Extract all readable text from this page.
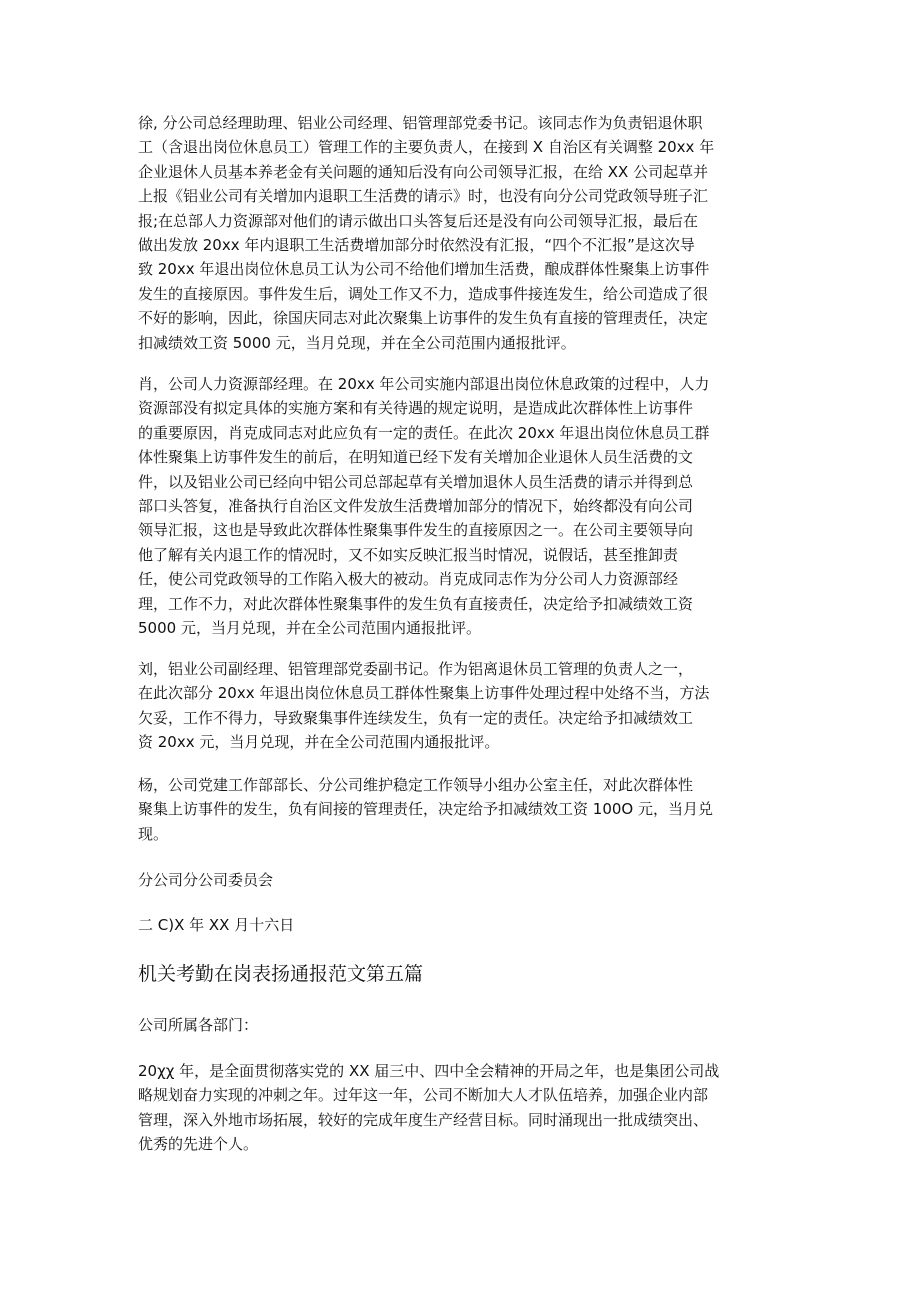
徐, 分公司总经理助理、铝业公司经理、铝管理部党委书记。该同志作为负责铝退休职
工（含退出岗位休息员工）管理工作的主要负责人，在接到 X 自治区有关调整 20xx 年
企业退休人员基本养老金有关问题的通知后没有向公司领导汇报，在给 XX 公司起草并
上报《铝业公司有关增加内退职工生活费的请示》时，也没有向分公司党政领导班子汇
报;在总部人力资源部对他们的请示做出口头答复后还是没有向公司领导汇报，最后在
做出发放 20xx 年内退职工生活费增加部分时依然没有汇报，“四个不汇报”是这次导
致 20xx 年退出岗位休息员工认为公司不给他们增加生活费，酿成群体性聚集上访事件
发生的直接原因。事件发生后，调处工作又不力，造成事件接连发生，给公司造成了很
不好的影响，因此，徐国庆同志对此次聚集上访事件的发生负有直接的管理责任，决定
扣减绩效工资 5000 元，当月兑现，并在全公司范围内通报批评。
肖，公司人力资源部经理。在 20xx 年公司实施内部退出岗位休息政策的过程中，人力
资源部没有拟定具体的实施方案和有关待遇的规定说明，是造成此次群体性上访事件
的重要原因，肖克成同志对此应负有一定的责任。在此次 20xx 年退出岗位休息员工群
体性聚集上访事件发生的前后，在明知道已经下发有关增加企业退休人员生活费的文
件，以及铝业公司已经向中铝公司总部起草有关增加退休人员生活费的请示并得到总
部口头答复，准备执行自治区文件发放生活费增加部分的情况下，始终都没有向公司
领导汇报，这也是导致此次群体性聚集事件发生的直接原因之一。在公司主要领导向
他了解有关内退工作的情况时，又不如实反映汇报当时情况，说假话，甚至推卸责
任，使公司党政领导的工作陷入极大的被动。肖克成同志作为分公司人力资源部经
理，工作不力，对此次群体性聚集事件的发生负有直接责任，决定给予扣减绩效工资
5000 元，当月兑现，并在全公司范围内通报批评。
刘，铝业公司副经理、铝管理部党委副书记。作为铝离退休员工管理的负责人之一，
在此次部分 20xx 年退出岗位休息员工群体性聚集上访事件处理过程中处络不当，方法
欠妥，工作不得力，导致聚集事件连续发生，负有一定的责任。决定给予扣减绩效工
资 20xx 元，当月兑现，并在全公司范围内通报批评。
杨，公司党建工作部部长、分公司维护稳定工作领导小组办公室主任，对此次群体性
聚集上访事件的发生，负有间接的管理责任，决定给予扣减绩效工资 100O 元，当月兑
现。
分公司分公司委员会
二 C)X 年 XX 月十六日
机关考勤在岗表扬通报范文第五篇
公司所属各部门：
20χχ 年，是全面贯彻落实党的 XX 届三中、四中全会精神的开局之年，也是集团公司战
略规划奋力实现的冲刺之年。过年这一年，公司不断加大人才队伍培养，加强企业内部
管理，深入外地市场拓展，较好的完成年度生产经营目标。同时涌现出一批成绩突出、
优秀的先进个人。
